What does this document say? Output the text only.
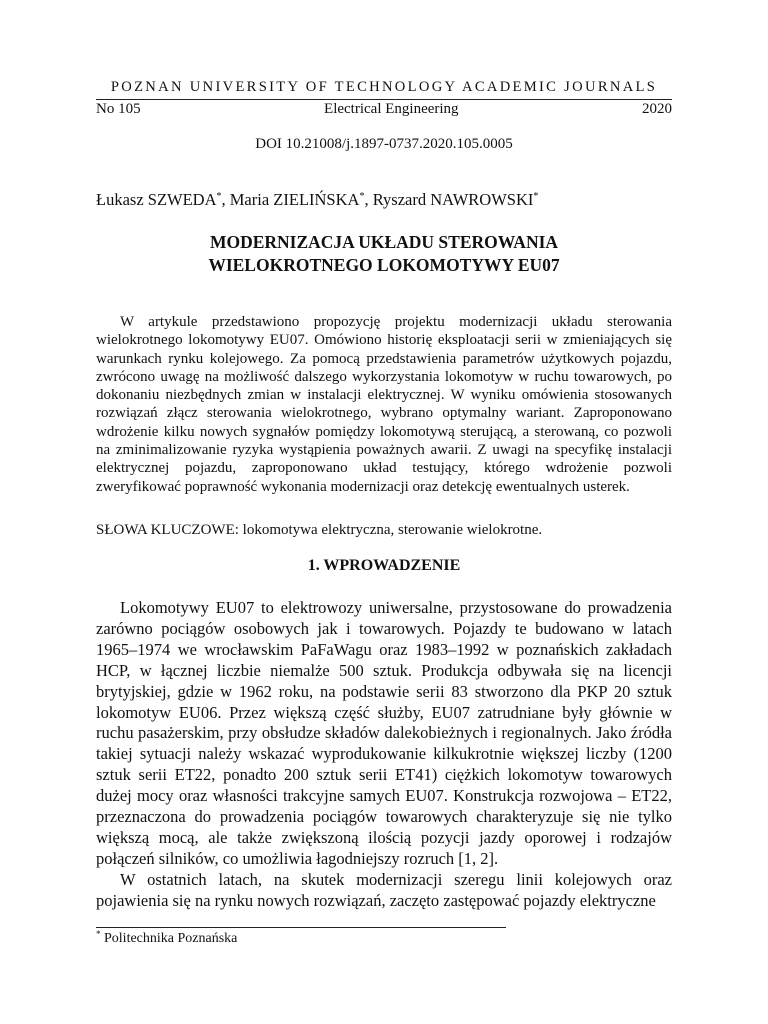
POZNAN UNIVERSITY OF TECHNOLOGY ACADEMIC JOURNALS
No 105	Electrical Engineering	2020
DOI 10.21008/j.1897-0737.2020.105.0005
Łukasz SZWEDA*, Maria ZIELIŃSKA*, Ryszard NAWROWSKI*
MODERNIZACJA UKŁADU STEROWANIA
WIELOKROTNEGO LOKOMOTYWY EU07

W artykule przedstawiono propozycję projektu modernizacji układu sterowania wielokrotnego lokomotywy EU07. Omówiono historię eksploatacji serii w zmieniających się warunkach rynku kolejowego. Za pomocą przedstawienia parametrów użytkowych pojazdu, zwrócono uwagę na możliwość dalszego wykorzystania lokomotyw w ruchu towarowych, po dokonaniu niezbędnych zmian w instalacji elektrycznej. W wyniku omówienia stosowanych rozwiązań złącz sterowania wielokrotnego, wybrano optymalny wariant. Zaproponowano wdrożenie kilku nowych sygnałów pomiędzy lokomotywą sterującą, a sterowaną, co pozwoli na zminimalizowanie ryzyka wystąpienia poważnych awarii. Z uwagi na specyfikę instalacji elektrycznej pojazdu, zaproponowano układ testujący, którego wdrożenie pozwoli zweryfikować poprawność wykonania modernizacji oraz detekcję ewentualnych usterek.

SŁOWA KLUCZOWE: lokomotywa elektryczna, sterowanie wielokrotne.

1. WPROWADZENIE

Lokomotywy EU07 to elektrowozy uniwersalne, przystosowane do prowadzenia zarówno pociągów osobowych jak i towarowych. Pojazdy te budowano w latach 1965–1974 we wrocławskim PaFaWagu oraz 1983–1992 w poznańskich zakładach HCP, w łącznej liczbie niemalże 500 sztuk. Produkcja odbywała się na licencji brytyjskiej, gdzie w 1962 roku, na podstawie serii 83 stworzono dla PKP 20 sztuk lokomotyw EU06. Przez większą część służby, EU07 zatrudniane były głównie w ruchu pasażerskim, przy obsłudze składów dalekobieżnych i regionalnych. Jako źródła takiej sytuacji należy wskazać wyprodukowanie kilkukrotnie większej liczby (1200 sztuk serii ET22, ponadto 200 sztuk serii ET41) ciężkich lokomotyw towarowych dużej mocy oraz własności trakcyjne samych EU07. Konstrukcja rozwojowa – ET22, przeznaczona do prowadzenia pociągów towarowych charakteryzuje się nie tylko większą mocą, ale także zwiększoną ilością pozycji jazdy oporowej i rodzajów połączeń silników, co umożliwia łagodniejszy rozruch [1, 2].

W ostatnich latach, na skutek modernizacji szeregu linii kolejowych oraz pojawienia się na rynku nowych rozwiązań, zaczęto zastępować pojazdy elektryczne

* Politechnika Poznańska
